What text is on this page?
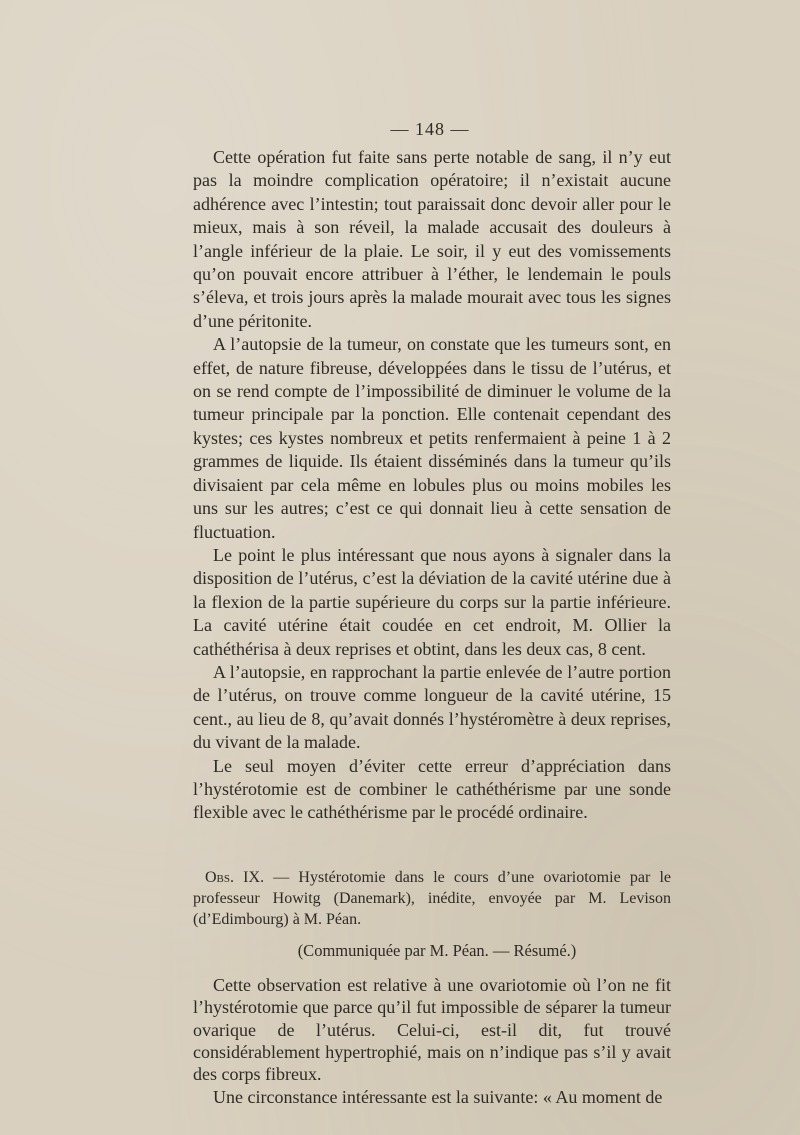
— 148 —

Cette opération fut faite sans perte notable de sang, il n’y eut pas la moindre complication opératoire; il n’existait aucune adhérence avec l’intestin; tout paraissait donc devoir aller pour le mieux, mais à son réveil, la malade accusait des douleurs à l’angle inférieur de la plaie. Le soir, il y eut des vomissements qu’on pouvait encore attribuer à l’éther, le lendemain le pouls s’éleva, et trois jours après la malade mourait avec tous les signes d’une péritonite.

A l’autopsie de la tumeur, on constate que les tumeurs sont, en effet, de nature fibreuse, développées dans le tissu de l’utérus, et on se rend compte de l’impossibilité de diminuer le volume de la tumeur principale par la ponction. Elle contenait cependant des kystes; ces kystes nombreux et petits renfermaient à peine 1 à 2 grammes de liquide. Ils étaient disséminés dans la tumeur qu’ils divisaient par cela même en lobules plus ou moins mobiles les uns sur les autres; c’est ce qui donnait lieu à cette sensation de fluctuation.

Le point le plus intéressant que nous ayons à signaler dans la disposition de l’utérus, c’est la déviation de la cavité utérine due à la flexion de la partie supérieure du corps sur la partie inférieure. La cavité utérine était coudée en cet endroit, M. Ollier la cathéthérisa à deux reprises et obtint, dans les deux cas, 8 cent.

A l’autopsie, en rapprochant la partie enlevée de l’autre portion de l’utérus, on trouve comme longueur de la cavité utérine, 15 cent., au lieu de 8, qu’avait donnés l’hystéromètre à deux reprises, du vivant de la malade.

Le seul moyen d’éviter cette erreur d’appréciation dans l’hystérotomie est de combiner le cathéthérisme par une sonde flexible avec le cathéthérisme par le procédé ordinaire.

Obs. IX. — Hystérotomie dans le cours d’une ovariotomie par le professeur Howitg (Danemark), inédite, envoyée par M. Levison (d’Edimbourg) à M. Péan.

(Communiquée par M. Péan. — Résumé.)

Cette observation est relative à une ovariotomie où l’on ne fit l’hystérotomie que parce qu’il fut impossible de séparer la tumeur ovarique de l’utérus. Celui-ci, est-il dit, fut trouvé considérablement hypertrophié, mais on n’indique pas s’il y avait des corps fibreux.

Une circonstance intéressante est la suivante: « Au moment de
